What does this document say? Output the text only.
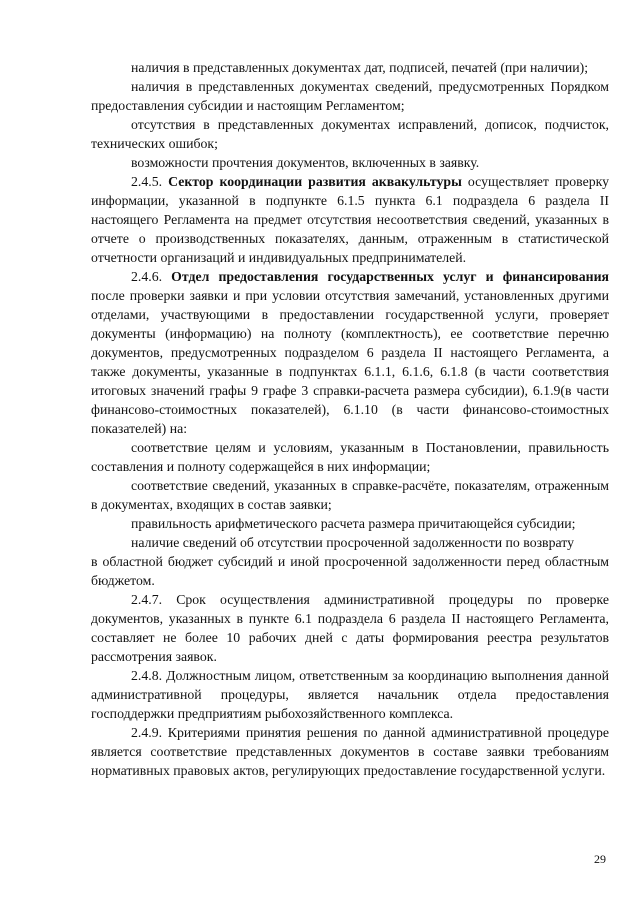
наличия в представленных документах дат, подписей, печатей (при наличии);

наличия в представленных документах сведений, предусмотренных Порядком предоставления субсидии и настоящим Регламентом;

отсутствия в представленных документах исправлений, дописок, подчисток, технических ошибок;

возможности прочтения документов, включенных в заявку.

2.4.5. Сектор координации развития аквакультуры осуществляет проверку информации, указанной в подпункте 6.1.5 пункта 6.1 подраздела 6 раздела II настоящего Регламента на предмет отсутствия несоответствия сведений, указанных в отчете о производственных показателях, данным, отраженным в статистической отчетности организаций и индивидуальных предпринимателей.

2.4.6. Отдел предоставления государственных услуг и финансирования после проверки заявки и при условии отсутствия замечаний, установленных другими отделами, участвующими в предоставлении государственной услуги, проверяет документы (информацию) на полноту (комплектность), ее соответствие перечню документов, предусмотренных подразделом 6 раздела II настоящего Регламента, а также документы, указанные в подпунктах 6.1.1, 6.1.6, 6.1.8 (в части соответствия итоговых значений графы 9 графе 3 справки-расчета размера субсидии), 6.1.9(в части финансово-стоимостных показателей), 6.1.10 (в части финансово-стоимостных показателей) на:

соответствие целям и условиям, указанным в Постановлении, правильность составления и полноту содержащейся в них информации;

соответствие сведений, указанных в справке-расчёте, показателям, отраженным в документах, входящих в состав заявки;

правильность арифметического расчета размера причитающейся субсидии;

наличие сведений об отсутствии просроченной задолженности по возврату

в областной бюджет субсидий и иной просроченной задолженности перед областным бюджетом.

2.4.7. Срок осуществления административной процедуры по проверке документов, указанных в пункте 6.1 подраздела 6 раздела II настоящего Регламента, составляет не более 10 рабочих дней с даты формирования реестра результатов рассмотрения заявок.

2.4.8. Должностным лицом, ответственным за координацию выполнения данной административной процедуры, является начальник отдела предоставления господдержки предприятиям рыбохозяйственного комплекса.

2.4.9. Критериями принятия решения по данной административной процедуре является соответствие представленных документов в составе заявки требованиям нормативных правовых актов, регулирующих предоставление государственной услуги.

29
